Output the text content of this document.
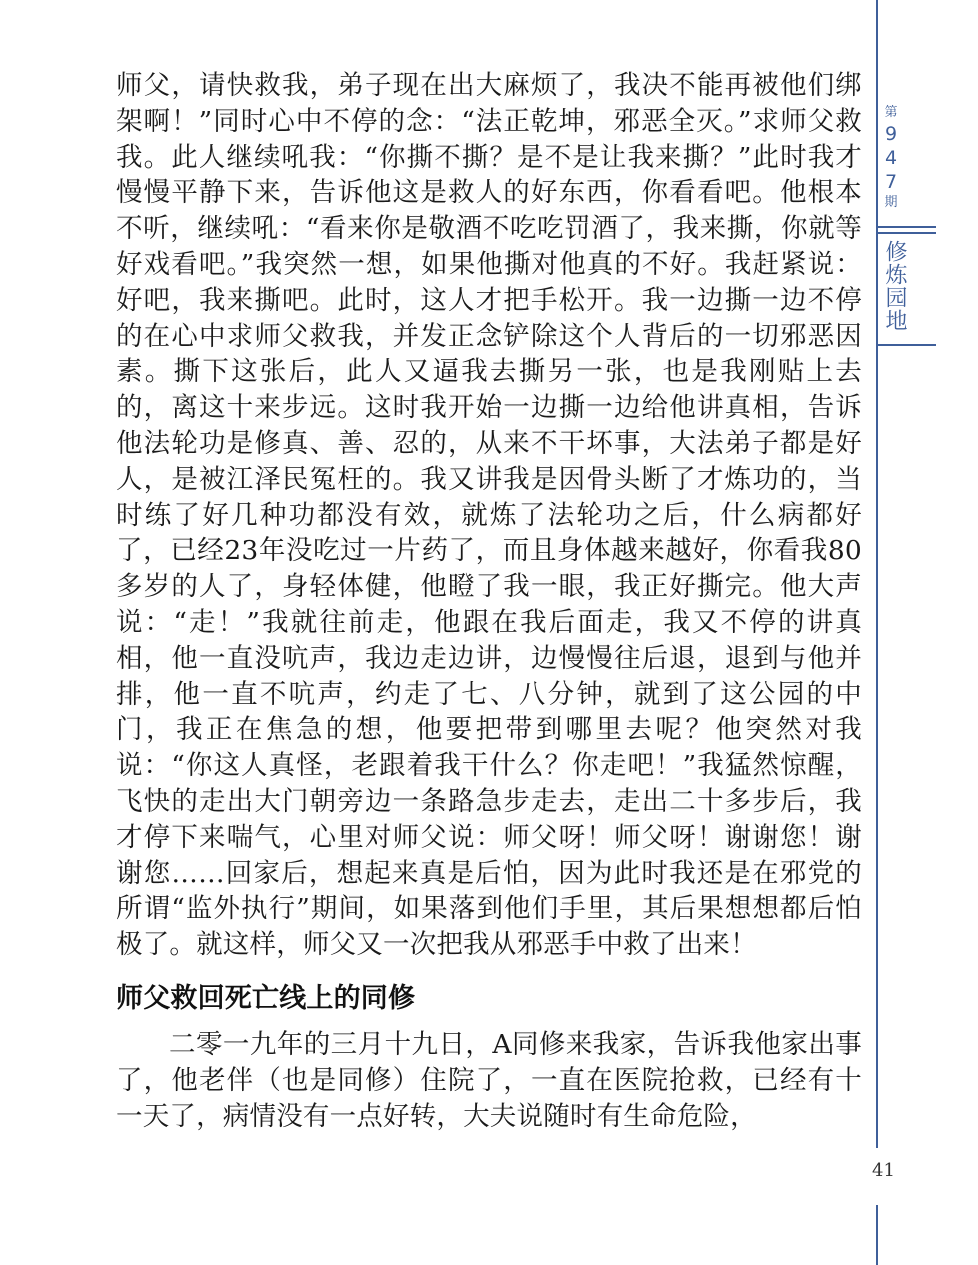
师父，请快救我，弟子现在出大麻烦了，我决不能再被他们绑架啊！”同时心中不停的念：“法正乾坤，邪恶全灭。”求师父救我。此人继续吼我：“你撕不撕？是不是让我来撕？”此时我才慢慢平静下来，告诉他这是救人的好东西，你看看吧。他根本不听，继续吼：“看来你是敬酒不吃吃罚酒了，我来撕，你就等好戏看吧。”我突然一想，如果他撕对他真的不好。我赶紧说：好吧，我来撕吧。此时，这人才把手松开。我一边撕一边不停的在心中求师父救我，并发正念铲除这个人背后的一切邪恶因素。撕下这张后，此人又逼我去撕另一张，也是我刚贴上去的，离这十来步远。这时我开始一边撕一边给他讲真相，告诉他法轮功是修真、善、忍的，从来不干坏事，大法弟子都是好人，是被江泽民冤枉的。我又讲我是因骨头断了才炼功的，当时练了好几种功都没有效，就炼了法轮功之后，什么病都好了，已经23年没吃过一片药了，而且身体越来越好，你看我80多岁的人了，身轻体健，他瞪了我一眼，我正好撕完。他大声说：“走！”我就往前走，他跟在我后面走，我又不停的讲真相，他一直没吭声，我边走边讲，边慢慢往后退，退到与他并排，他一直不吭声，约走了七、八分钟，就到了这公园的中门，我正在焦急的想，他要把带到哪里去呢？他突然对我说：“你这人真怪，老跟着我干什么？你走吧！”我猛然惊醒，飞快的走出大门朝旁边一条路急步走去，走出二十多步后，我才停下来喘气，心里对师父说：师父呀！师父呀！谢谢您！谢谢您……回家后，想起来真是后怕，因为此时我还是在邪党的所谓“监外执行”期间，如果落到他们手里，其后果想想都后怕极了。就这样，师父又一次把我从邪恶手中救了出来！

师父救回死亡线上的同修

二零一九年的三月十九日，A同修来我家，告诉我他家出事了，他老伴（也是同修）住院了，一直在医院抢救，已经有十一天了，病情没有一点好转，大夫说随时有生命危险，

第
9
4
7
期
修炼园地
41
